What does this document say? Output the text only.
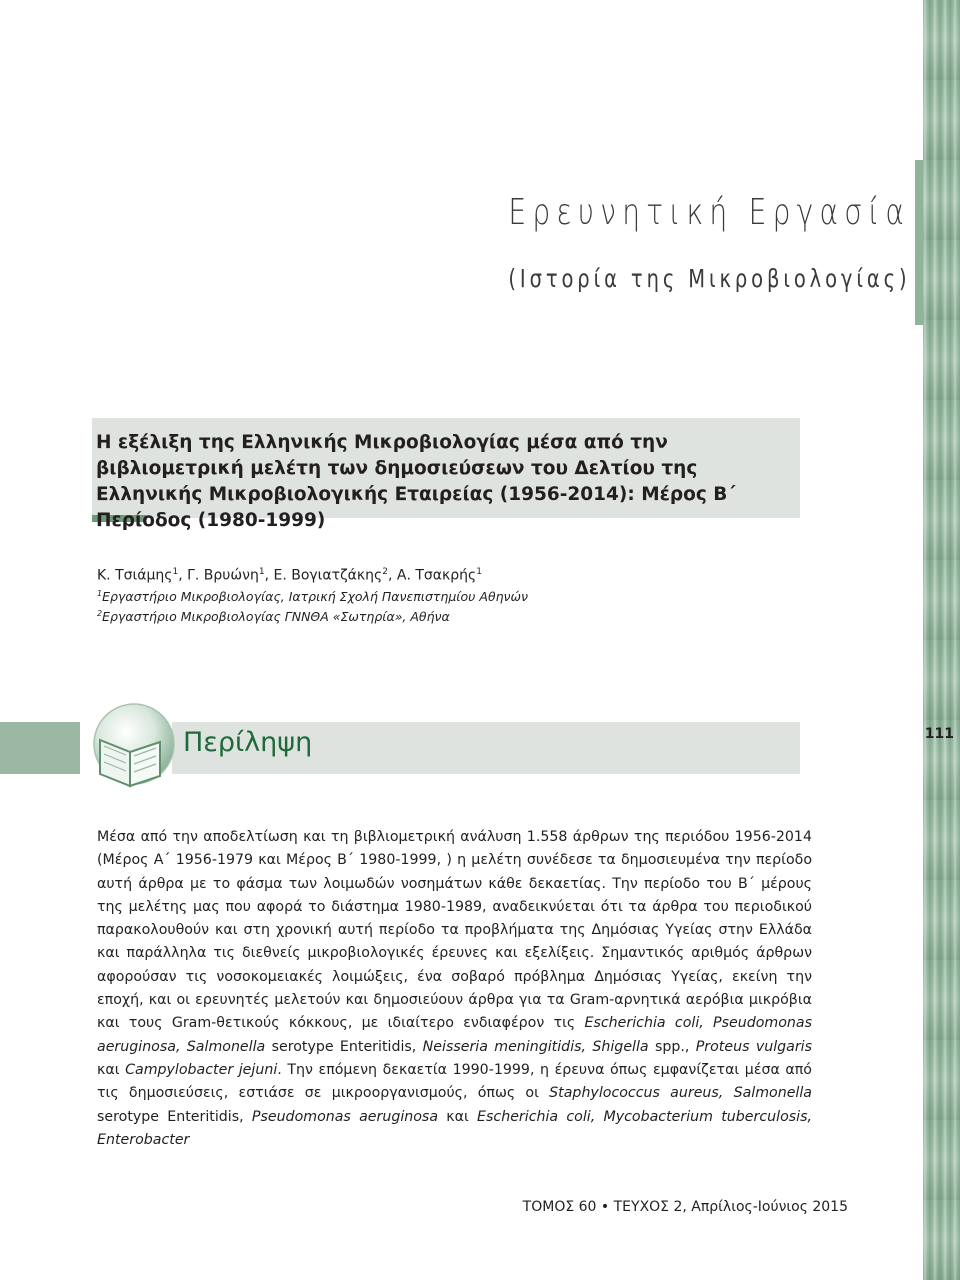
Ερευνητική Εργασία
(Ιστορία της Μικροβιολογίας)
Η εξέλιξη της Ελληνικής Μικροβιολογίας μέσα από την βιβλιομετρική μελέτη των δημοσιεύσεων του Δελτίου της Ελληνικής Μικροβιολογικής Εταιρείας (1956-2014): Μέρος Β΄ Περίοδος (1980-1999)
Κ. Τσιάμης$^1$, Γ. Βρυώνη$^1$, Ε. Βογιατζάκης$^2$, Α. Τσακρής$^1$
$^1$Εργαστήριο Μικροβιολογίας, Ιατρική Σχολή Πανεπιστημίου Αθηνών
$^2$Εργαστήριο Μικροβιολογίας ΓΝΝΘΑ «Σωτηρία», Αθήνα
Περίληψη	111
Μέσα από την αποδελτίωση και τη βιβλιομετρική ανάλυση 1.558 άρθρων της περιόδου 1956-2014 (Μέρος Α΄ 1956-1979 και Μέρος Β΄ 1980-1999, ) η μελέτη συνέδεσε τα δημοσιευμένα την περίοδο αυτή άρθρα με το φάσμα των λοιμωδών νοσημάτων κάθε δεκαετίας. Την περίοδο του Β΄ μέρους της μελέτης μας που αφορά το διάστημα 1980-1989, αναδεικνύεται ότι τα άρθρα του περιοδικού παρακολουθούν και στη χρονική αυτή περίοδο τα προβλήματα της Δημόσιας Υγείας στην Ελλάδα και παράλληλα τις διεθνείς μικροβιολογικές έρευνες και εξελίξεις. Σημαντικός αριθμός άρθρων αφορούσαν τις νοσοκομειακές λοιμώξεις, ένα σοβαρό πρόβλημα Δημόσιας Υγείας, εκείνη την εποχή, και οι ερευνητές μελετούν και δημοσιεύουν άρθρα για τα Gram-αρνητικά αερόβια μικρόβια και τους Gram-θετικούς κόκκους, με ιδιαίτερο ενδιαφέρον τις Escherichia coli, Pseudomonas aeruginosa, Salmonella serotype Enteritidis, Neisseria meningitidis, Shigella spp., Proteus vulgaris και Campylobacter jejuni. Την επόμενη δεκαετία 1990-1999, η έρευνα όπως εμφανίζεται μέσα από τις δημοσιεύσεις, εστιάσε σε μικροοργανισμούς, όπως οι Staphylococcus aureus, Salmonella serotype Enteritidis, Pseudomonas aeruginosa και Escherichia coli, Mycobacterium tuberculosis, Enterobacter
ΤΟΜΟΣ 60 • ΤΕΥΧΟΣ 2, Απρίλιος-Ιούνιος 2015
